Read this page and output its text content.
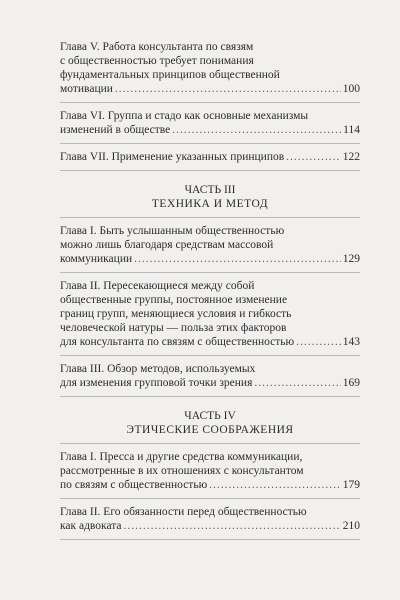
Глава V. Работа консультанта по связям
с общественностью требует понимания
фундаментальных принципов общественной
мотивации .....	100
Глава VI. Группа и стадо как основные механизмы
изменений в обществе .....	114
Глава VII. Применение указанных принципов .....	122
ЧАСТЬ III
ТЕХНИКА И МЕТОД
Глава I. Быть услышанным общественностью
можно лишь благодаря средствам массовой
коммуникации .....	129
Глава II. Пересекающиеся между собой
общественные группы, постоянное изменение
границ групп, меняющиеся условия и гибкость
человеческой натуры — польза этих факторов
для консультанта по связям с общественностью .....	143
Глава III. Обзор методов, используемых
для изменения групповой точки зрения .....	169
ЧАСТЬ IV
ЭТИЧЕСКИЕ СООБРАЖЕНИЯ
Глава I. Пресса и другие средства коммуникации,
рассмотренные в их отношениях с консультантом
по связям с общественностью .....	179
Глава II. Его обязанности перед общественностью
как адвоката .....	210
